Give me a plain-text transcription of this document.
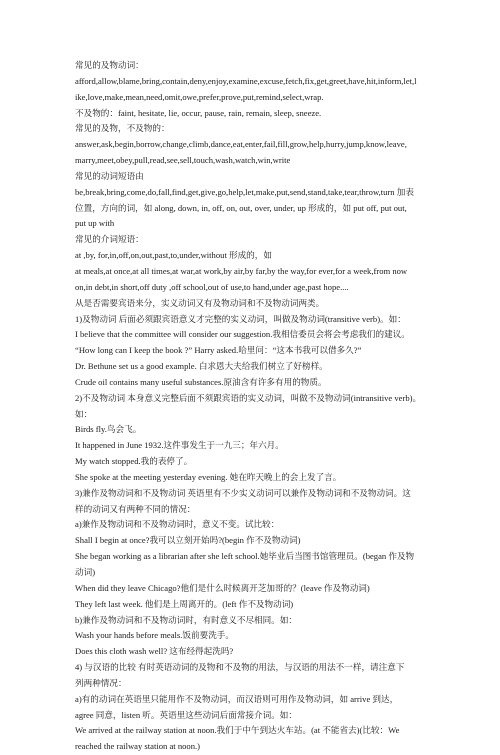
常见的及物动词：
afford,allow,blame,bring,contain,deny,enjoy,examine,excuse,fetch,fix,get,greet,have,hit,inform,let,l
ike,love,make,mean,need,omit,owe,prefer,prove,put,remind,select,wrap.
不及物的：faint, hesitate, lie, occur, pause, rain, remain, sleep, sneeze.
常见的及物，不及物的：
answer,ask,begin,borrow,change,climb,dance,eat,enter,fail,fill,grow,help,hurry,jump,know,leave,
marry,meet,obey,pull,read,see,sell,touch,wash,watch,win,write
常见的动词短语由
be,break,bring,come,do,fall,find,get,give,go,help,let,make,put,send,stand,take,tear,throw,turn 加表
位置，方向的词，如 along, down, in, off, on, out, over, under, up 形成的，如 put off, put out,
put up with
常见的介词短语：
at ,by, for,in,off,on,out,past,to,under,without 形成的，如
at meals,at once,at all times,at war,at work,by air,by far,by the way,for ever,for a week,from now
on,in debt,in short,off duty ,off school,out of use,to hand,under age,past hope....
从是否需要宾语来分，实义动词又有及物动词和不及物动词两类。
1)及物动词 后面必须跟宾语意义才完整的实义动词，叫做及物动词(transitive verb)。如：
I believe that the committee will consider our suggestion.我相信委员会将会考虑我们的建议。
“How long can I keep the book ?” Harry asked.哈里问：“这本书我可以借多久?”
Dr. Bethune set us a good example. 白求恩大夫给我们树立了好榜样。
Crude oil contains many useful substances.原油含有许多有用的物质。
2)不及物动词 本身意义完整后面不须跟宾语的实义动词，叫做不及物动词(intransitive verb)。
如：
Birds fly.鸟会飞。
It happened in June 1932.这件事发生于一九三；年六月。
My watch stopped.我的表停了。
She spoke at the meeting yesterday evening. 她在昨天晚上的会上发了言。
3)兼作及物动词和不及物动词 英语里有不少实义动词可以兼作及物动词和不及物动词。这
样的动词又有两种不同的情况：
a)兼作及物动词和不及物动词时，意义不变。试比较：
Shall I begin at once?我可以立刻开始吗?(begin 作不及物动词)
She began working as a librarian after she left school.她毕业后当图书馆管理员。(began 作及物
动词)
When did they leave Chicago?他们是什么时候离开芝加哥的？(leave 作及物动词)
They left last week. 他们是上周离开的。(left 作不及物动词)
b)兼作及物动词和不及物动词时，有时意义不尽相同。如：
Wash your hands before meals.饭前要洗手。
Does this cloth wash well? 这布经得起洗吗?
4) 与汉语的比较 有时英语动词的及物和不及物的用法，与汉语的用法不一样，请注意下
列两种情况：
a)有的动词在英语里只能用作不及物动词，而汉语则可用作及物动词，如 arrive 到达，
agree 同意，listen 听。英语里这些动词后面常接介词。如：
We arrived at the railway station at noon.我们于中午到达火车站。(at 不能省去)(比较：We
reached the railway station at noon.)
